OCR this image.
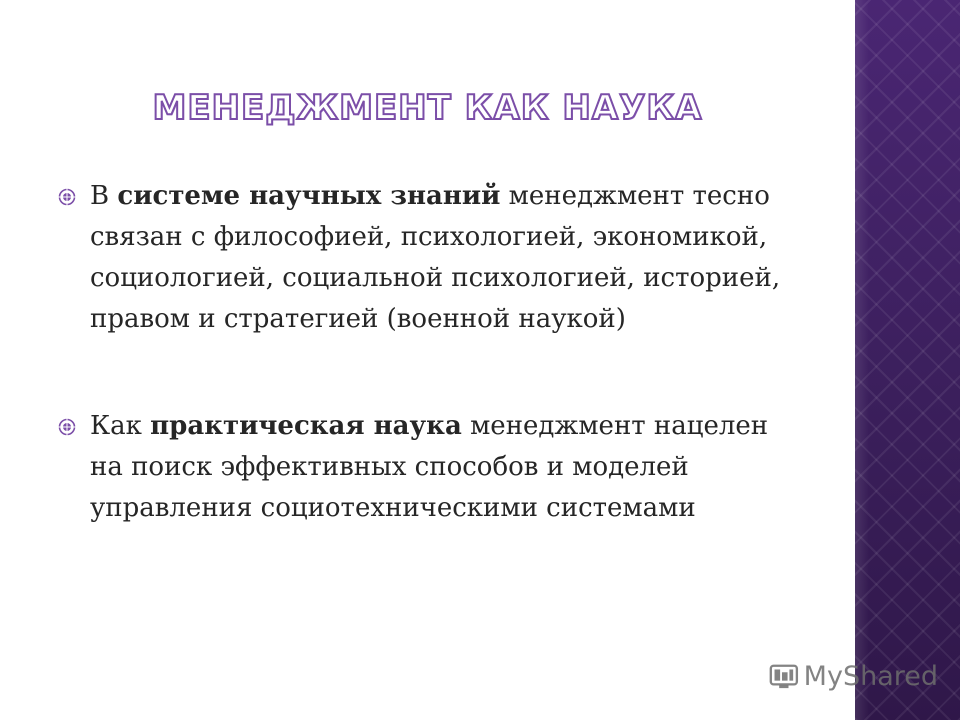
МЕНЕДЖМЕНТ КАК НАУКА
В системе научных знаний менеджмент тесно связан с философией, психологией, экономикой, социологией, социальной психологией, историей, правом и стратегией (военной наукой)
Как практическая наука менеджмент нацелен на поиск эффективных способов и моделей управления социотехническими системами
MyShared
